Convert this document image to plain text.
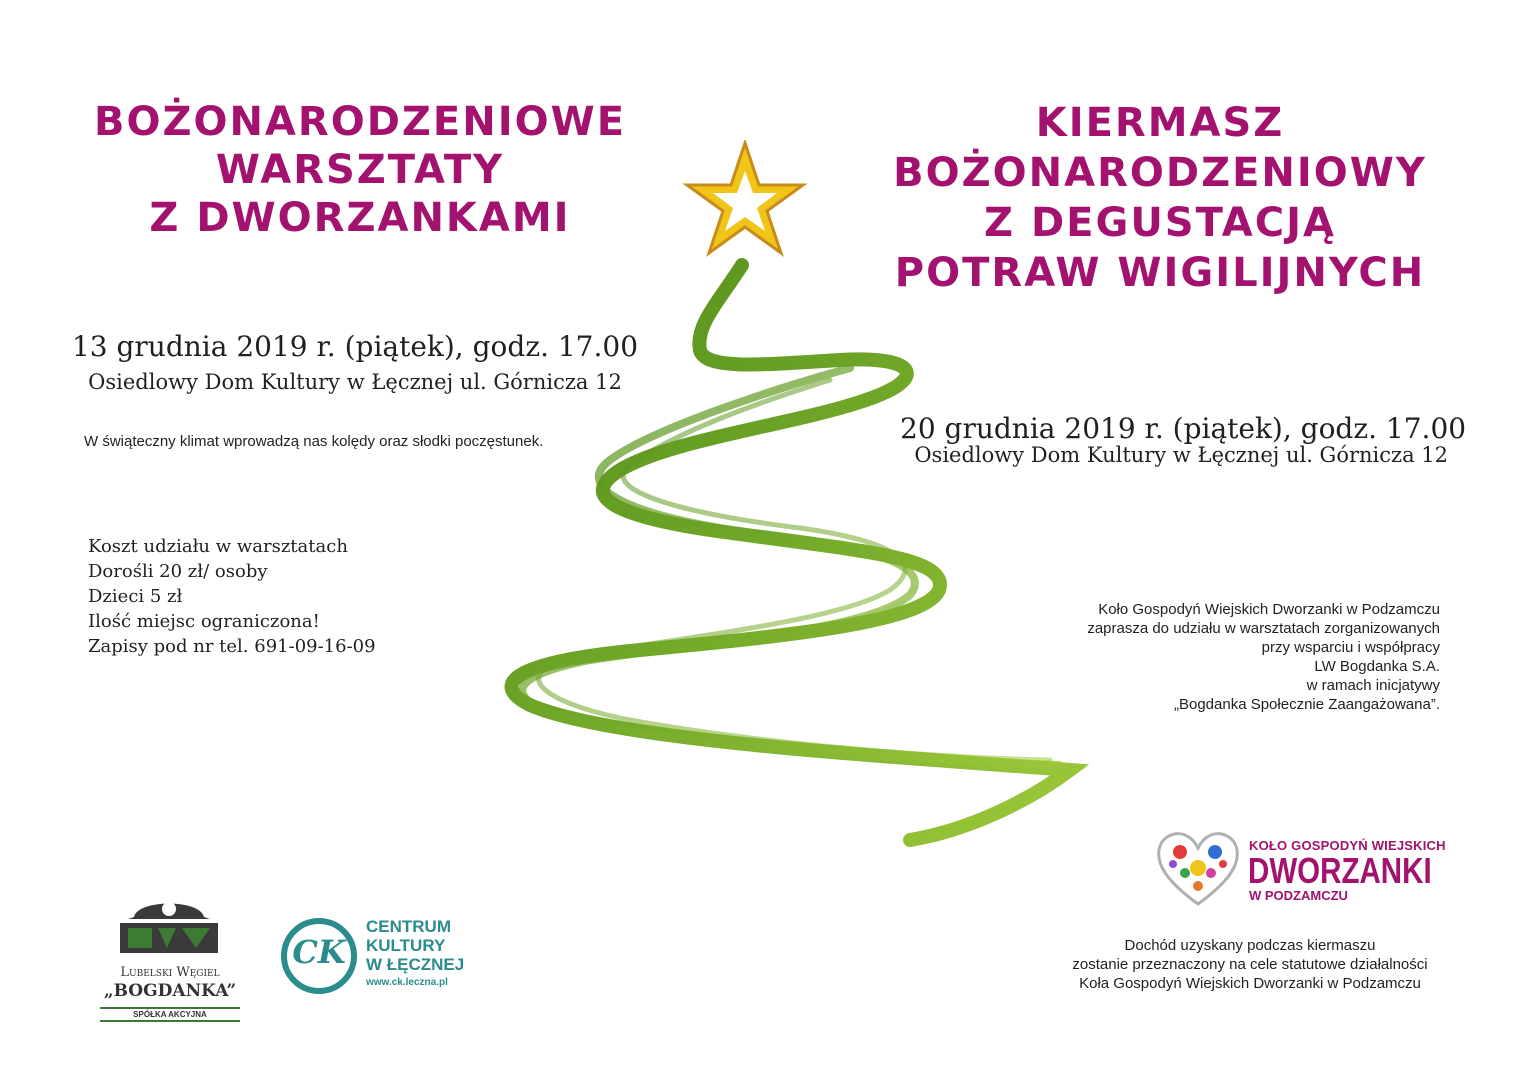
BOŻONARODZENIOWE
WARSZTATY
Z DWORZANKAMI
KIERMASZ
BOŻONARODZENIOWY
Z DEGUSTACJĄ
POTRAW WIGILIJNYCH
13 grudnia 2019 r. (piątek), godz. 17.00
Osiedlowy Dom Kultury w Łęcznej ul. Górnicza 12
W świąteczny klimat wprowadzą nas kolędy oraz słodki poczęstunek.
Koszt udziału w warsztatach
Dorośli 20 zł/ osoby
Dzieci 5 zł
Ilość miejsc ograniczona!
Zapisy pod nr tel. 691-09-16-09
20 grudnia 2019 r. (piątek), godz. 17.00
Osiedlowy Dom Kultury w Łęcznej ul. Górnicza 12
Koło Gospodyń Wiejskich Dworzanki w Podzamczu
zaprasza do udziału w warsztatach zorganizowanych
przy wsparciu i współpracy
LW Bogdanka S.A.
w ramach inicjatywy
„Bogdanka Społecznie Zaangażowana”.
KOŁO GOSPODYŃ WIEJSKICH
DWORZANKI
W PODZAMCZU
Dochód uzyskany podczas kiermaszu
zostanie przeznaczony na cele statutowe działalności
Koła Gospodyń Wiejskich Dworzanki w Podzamczu
Lubelski Węgiel
„BOGDANKA”
SPÓŁKA AKCYJNA
CK
CENTRUM
KULTURY
W ŁĘCZNEJ
www.ck.leczna.pl
